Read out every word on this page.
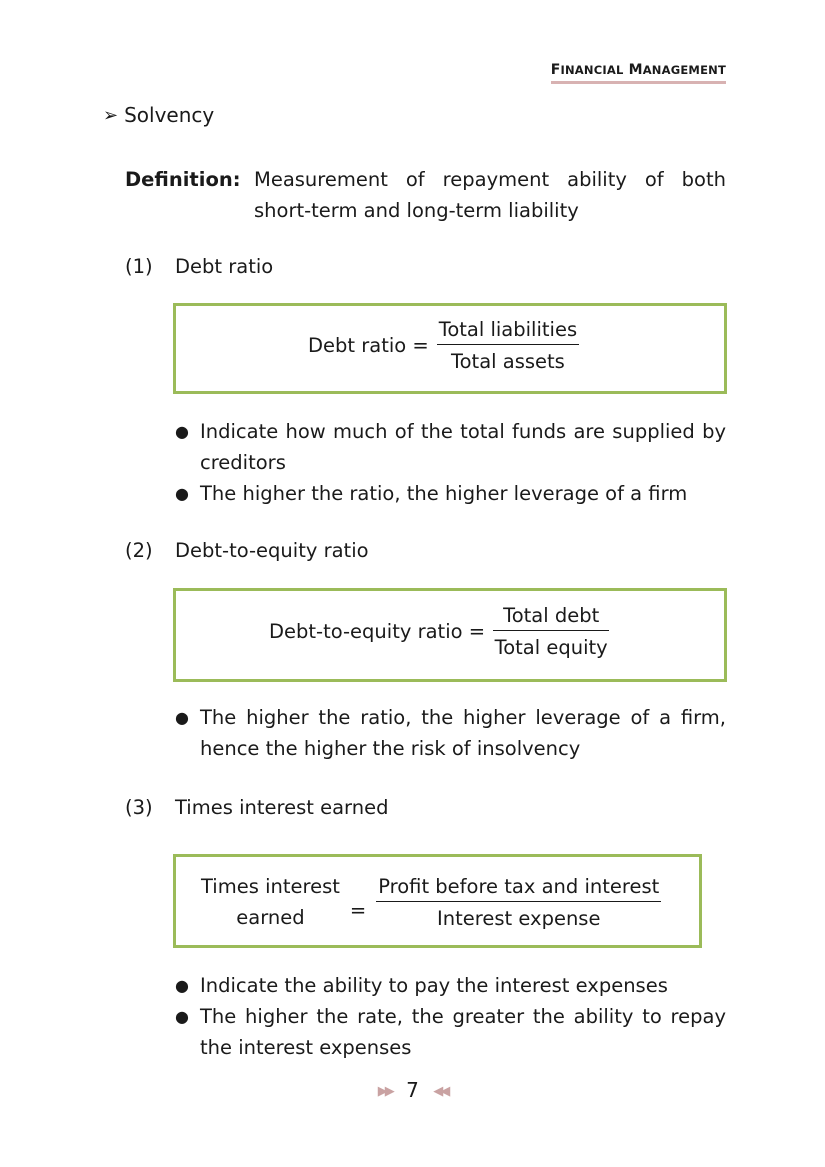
FINANCIAL MANAGEMENT
➢ Solvency
Definition: Measurement of repayment ability of both short-term and long-term liability
(1)	Debt ratio
Debt ratio = $\frac{\text{Total liabilities}}{\text{Total assets}}$
● Indicate how much of the total funds are supplied by creditors
● The higher the ratio, the higher leverage of a firm
(2)	Debt-to-equity ratio
Debt-to-equity ratio = $\frac{\text{Total debt}}{\text{Total equity}}$
● The higher the ratio, the higher leverage of a firm, hence the higher the risk of insolvency
(3)	Times interest earned
Times interest
earned = $\frac{\text{Profit before tax and interest}}{\text{Interest expense}}$
● Indicate the ability to pay the interest expenses
● The higher the rate, the greater the ability to repay the interest expenses
▶▶ 7 ◀◀
